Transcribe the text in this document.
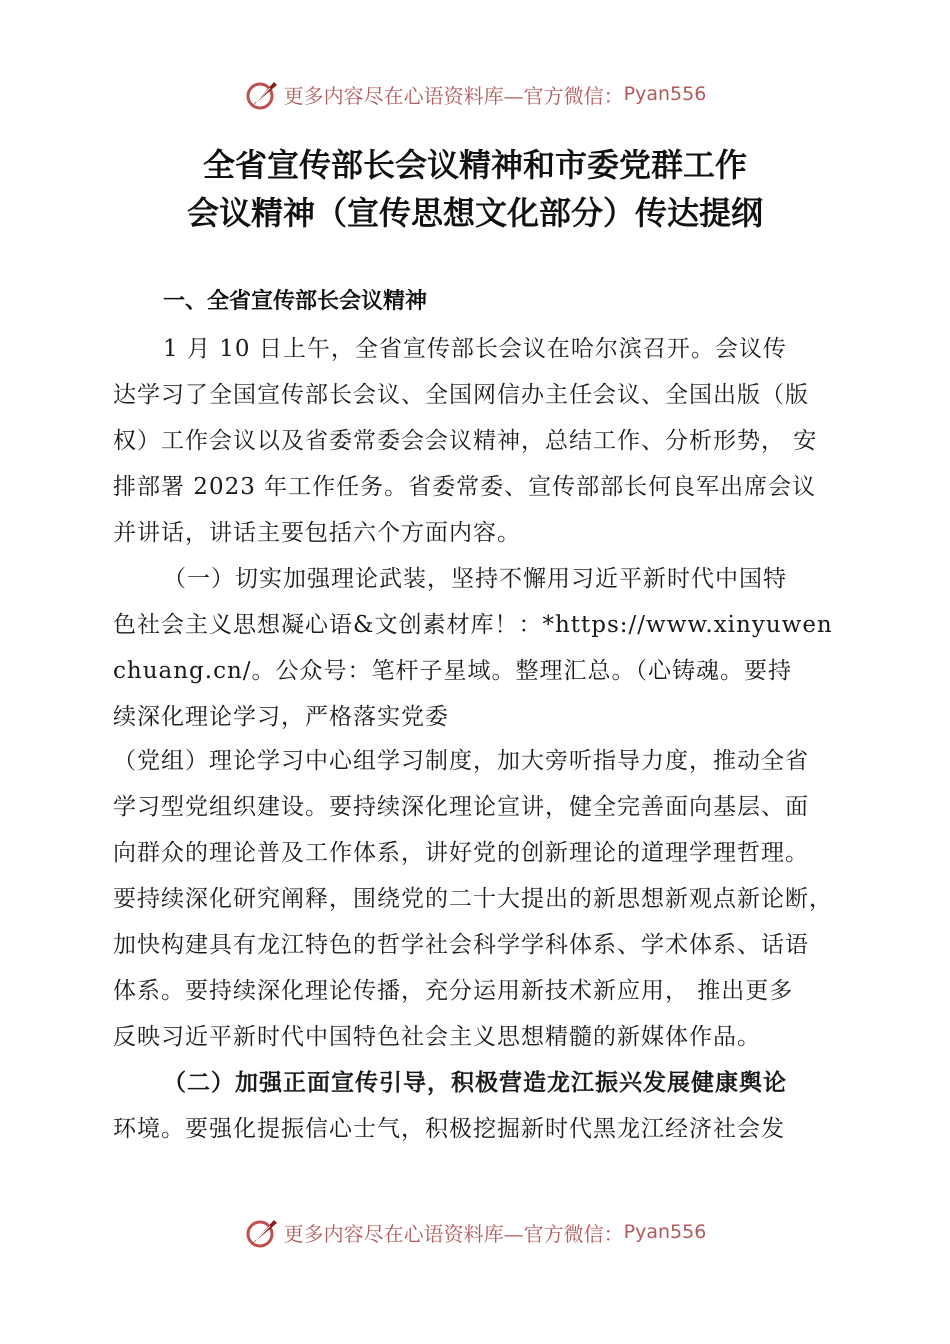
更多内容尽在心语资料库—官方微信： Pyan556
全省宣传部长会议精神和市委党群工作
会议精神（宣传思想文化部分）传达提纲
一、全省宣传部长会议精神

1 月 10 日上午，全省宣传部长会议在哈尔滨召开。会议传

达学习了全国宣传部长会议、全国网信办主任会议、全国出版（版

权）工作会议以及省委常委会会议精神，总结工作、分析形势， 安

排部署 2023 年工作任务。省委常委、宣传部部长何良军出席会议

并讲话，讲话主要包括六个方面内容。

（一）切实加强理论武装，坚持不懈用习近平新时代中国特

色社会主义思想凝心语&文创素材库！：*https://www.xinyuwen

chuang.cn/。公众号：笔杆子星域。整理汇总。（心铸魂。要持

续深化理论学习，严格落实党委

（党组）理论学习中心组学习制度，加大旁听指导力度，推动全省

学习型党组织建设。要持续深化理论宣讲，健全完善面向基层、面

向群众的理论普及工作体系，讲好党的创新理论的道理学理哲理。

要持续深化研究阐释，围绕党的二十大提出的新思想新观点新论断，

加快构建具有龙江特色的哲学社会科学学科体系、学术体系、话语

体系。要持续深化理论传播，充分运用新技术新应用， 推出更多

反映习近平新时代中国特色社会主义思想精髓的新媒体作品。

（二）加强正面宣传引导，积极营造龙江振兴发展健康舆论

环境。要强化提振信心士气，积极挖掘新时代黑龙江经济社会发

更多内容尽在心语资料库—官方微信： Pyan556
